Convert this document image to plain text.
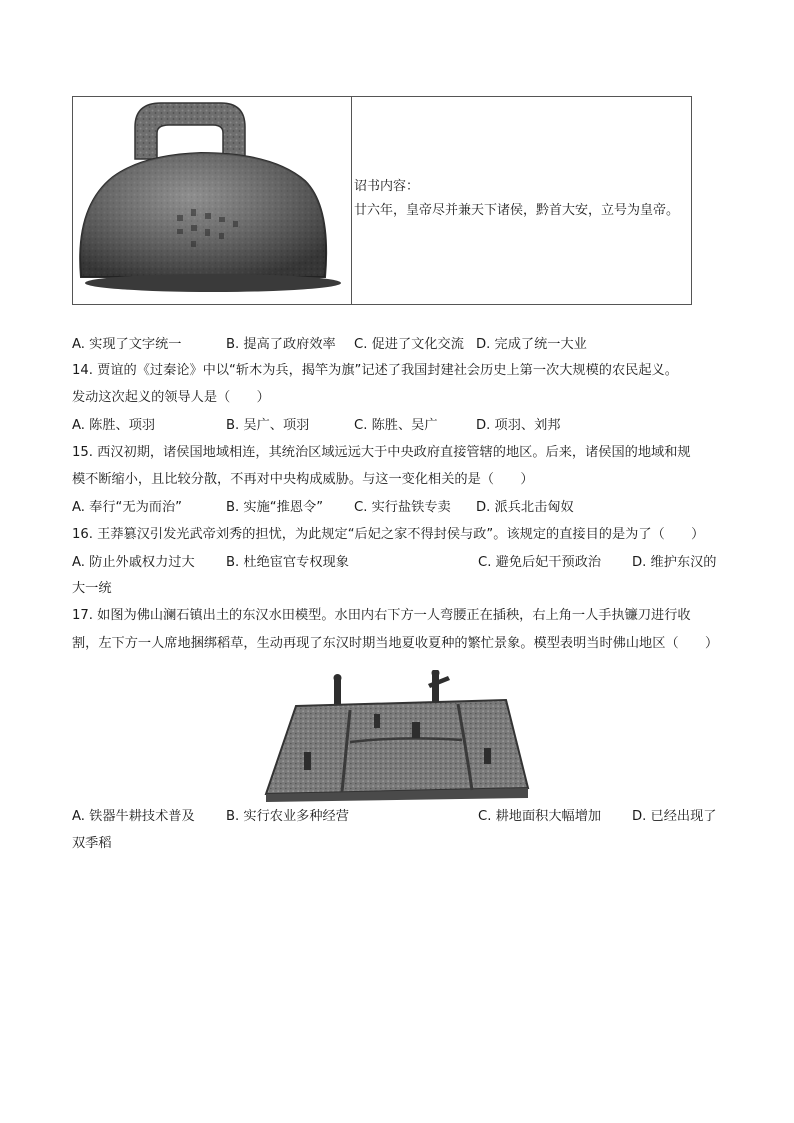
诏书内容：
廿六年，皇帝尽并兼天下诸侯，黔首大安，立号为皇帝。
A. 实现了文字统一	B. 提高了政府效率 C. 促进了文化交流 D. 完成了统一大业
14. 贾谊的《过秦论》中以“斩木为兵，揭竿为旗”记述了我国封建社会历史上第一次大规模的农民起义。
发动这次起义的领导人是（　　）
A. 陈胜、项羽	B. 吴广、项羽	C. 陈胜、吴广	D. 项羽、刘邦
15. 西汉初期，诸侯国地域相连，其统治区域远远大于中央政府直接管辖的地区。后来，诸侯国的地域和规
模不断缩小，且比较分散，不再对中央构成威胁。与这一变化相关的是（　　）
A. 奉行“无为而治”	B. 实施“推恩令” C. 实行盐铁专卖 D. 派兵北击匈奴
16. 王莽篡汉引发光武帝刘秀的担忧，为此规定“后妃之家不得封侯与政”。该规定的直接目的是为了（　　）
A. 防止外戚权力过大 B. 杜绝宦官专权现象	C. 避免后妃干预政治 D. 维护东汉的
大一统
17. 如图为佛山澜石镇出土的东汉水田模型。水田内右下方一人弯腰正在插秧，右上角一人手执镰刀进行收
割，左下方一人席地捆绑稻草，生动再现了东汉时期当地夏收夏种的繁忙景象。模型表明当时佛山地区（　　）
A. 铁器牛耕技术普及 B. 实行农业多种经营	C. 耕地面积大幅增加 D. 已经出现了
双季稻
